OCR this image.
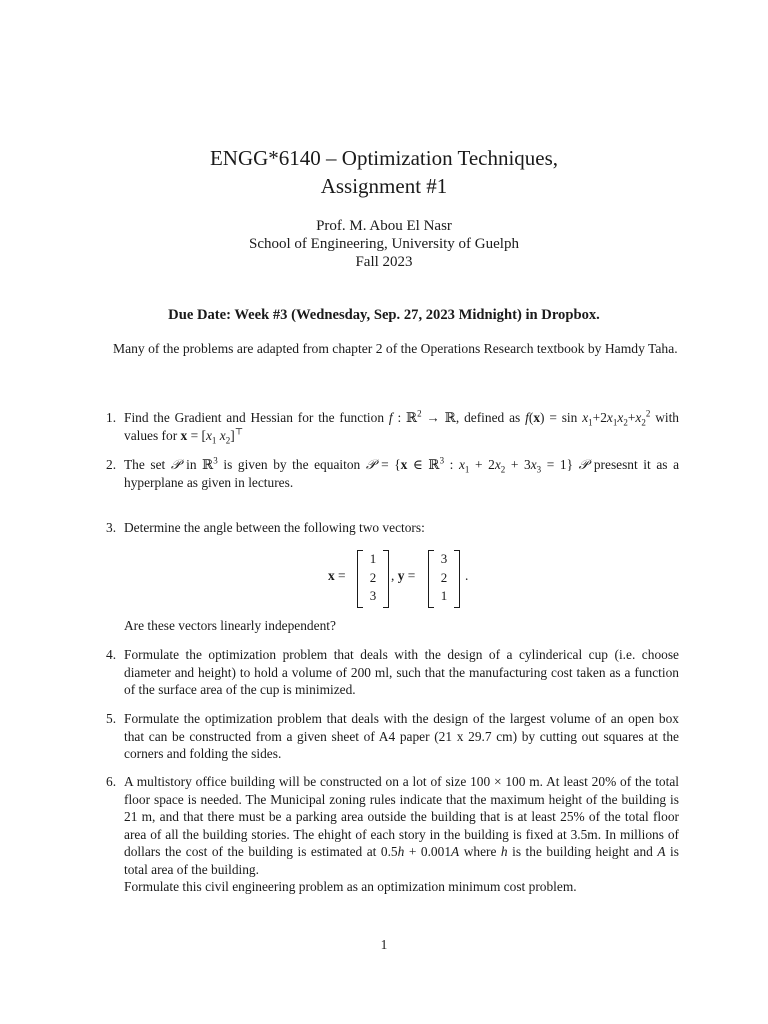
ENGG*6140 – Optimization Techniques,
Assignment #1
Prof. M. Abou El Nasr
School of Engineering, University of Guelph
Fall 2023
Due Date: Week #3 (Wednesday, Sep. 27, 2023 Midnight) in Dropbox.
Many of the problems are adapted from chapter 2 of the Operations Research textbook by Hamdy Taha.
1. Find the Gradient and Hessian for the function f : ℝ$^2$ → ℝ, defined as $f(x) = \sin x_1+2x_1x_2+x_2^2$ with values for $x = [x_1$ $x_2]^⊤$
2. The set 𝒫 in ℝ$^3$ is given by the equaiton 𝒫 = {x ∈ ℝ$^3$ : $x_1 + 2x_2 + 3x_3 = 1$} 𝒫 presesnt it as a hyperplane as given in lectures.
3. Determine the angle between the following two vectors:
x =
1
2
3
, y =
3
2
1
.
Are these vectors linearly independent?
4. Formulate the optimization problem that deals with the design of a cylinderical cup (i.e. choose diameter and height) to hold a volume of 200 ml, such that the manufacturing cost taken as a function of the surface area of the cup is minimized.
5. Formulate the optimization problem that deals with the design of the largest volume of an open box that can be constructed from a given sheet of A4 paper (21 x 29.7 cm) by cutting out squares at the corners and folding the sides.
6. A multistory office building will be constructed on a lot of size 100 × 100 m. At least 20% of the total floor space is needed. The Municipal zoning rules indicate that the maximum height of the building is 21 m, and that there must be a parking area outside the building that is at least 25% of the total floor area of all the building stories. The ehight of each story in the building is fixed at 3.5m. In millions of dollars the cost of the building is estimated at 0.5h + 0.001A where h is the building height and A is total area of the building.
Formulate this civil engineering problem as an optimization minimum cost problem.
1
